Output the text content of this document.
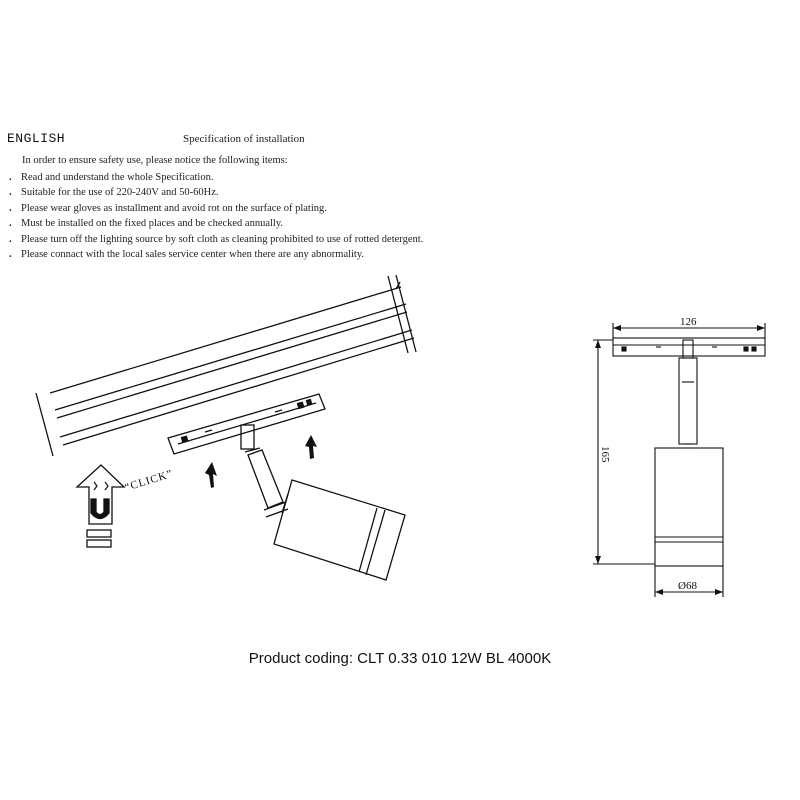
ENGLISH	Specification of installation
In order to ensure safety use, please notice the following items:
. Read and understand the whole Specification.
. Suitable for the use of 220-240V and 50-60Hz.
. Please wear gloves as installment and avoid rot on the surface of plating.
. Must be installed on the fixed places and be checked annually.
. Please turn off the lighting source by soft cloth as cleaning prohibited to use of rotted detergent.
. Please connact with the local sales service center when there are any abnormality.
“CLICK”
126
165
Ø68
Product coding: CLT 0.33 010 12W BL 4000K
